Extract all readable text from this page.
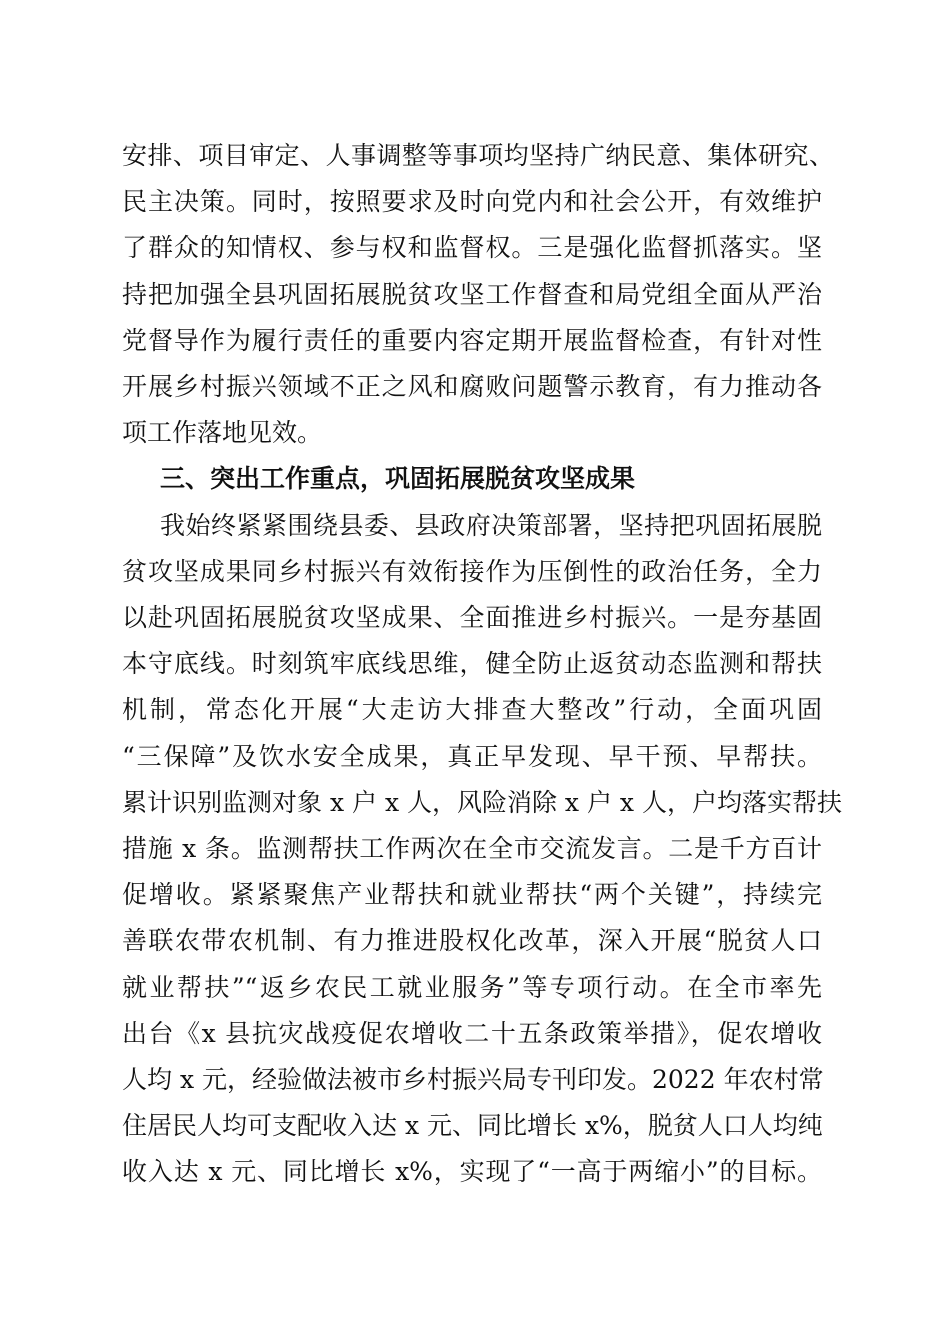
安排、项目审定、人事调整等事项均坚持广纳民意、集体研究、
民主决策。同时，按照要求及时向党内和社会公开，有效维护
了群众的知情权、参与权和监督权。三是强化监督抓落实。坚
持把加强全县巩固拓展脱贫攻坚工作督查和局党组全面从严治
党督导作为履行责任的重要内容定期开展监督检查，有针对性
开展乡村振兴领域不正之风和腐败问题警示教育，有力推动各
项工作落地见效。
三、突出工作重点，巩固拓展脱贫攻坚成果
我始终紧紧围绕县委、县政府决策部署，坚持把巩固拓展脱
贫攻坚成果同乡村振兴有效衔接作为压倒性的政治任务，全力
以赴巩固拓展脱贫攻坚成果、全面推进乡村振兴。一是夯基固
本守底线。时刻筑牢底线思维，健全防止返贫动态监测和帮扶
机制，常态化开展“大走访大排查大整改”行动，全面巩固
“三保障”及饮水安全成果，真正早发现、早干预、早帮扶。
累计识别监测对象 x 户 x 人，风险消除 x 户 x 人，户均落实帮扶
措施 x 条。监测帮扶工作两次在全市交流发言。二是千方百计
促增收。紧紧聚焦产业帮扶和就业帮扶“两个关键”，持续完
善联农带农机制、有力推进股权化改革，深入开展“脱贫人口
就业帮扶”“返乡农民工就业服务”等专项行动。在全市率先
出台《x 县抗灾战疫促农增收二十五条政策举措》，促农增收
人均 x 元，经验做法被市乡村振兴局专刊印发。2022 年农村常
住居民人均可支配收入达 x 元、同比增长 x%，脱贫人口人均纯
收入达 x 元、同比增长 x%，实现了“一高于两缩小”的目标。
